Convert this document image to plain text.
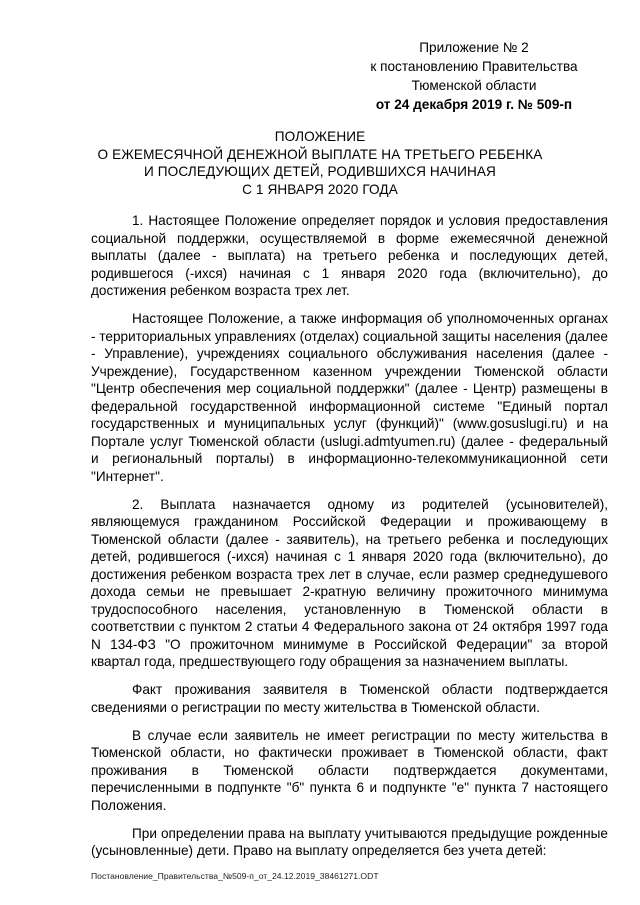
Приложение № 2
к постановлению Правительства
Тюменской области
от 24 декабря 2019 г. № 509-п
ПОЛОЖЕНИЕ
О ЕЖЕМЕСЯЧНОЙ ДЕНЕЖНОЙ ВЫПЛАТЕ НА ТРЕТЬЕГО РЕБЕНКА
И ПОСЛЕДУЮЩИХ ДЕТЕЙ, РОДИВШИХСЯ НАЧИНАЯ
С 1 ЯНВАРЯ 2020 ГОДА

1. Настоящее Положение определяет порядок и условия предоставления социальной поддержки, осуществляемой в форме ежемесячной денежной выплаты (далее - выплата) на третьего ребенка и последующих детей, родившегося (-ихся) начиная с 1 января 2020 года (включительно), до достижения ребенком возраста трех лет.

Настоящее Положение, а также информация об уполномоченных органах - территориальных управлениях (отделах) социальной защиты населения (далее - Управление), учреждениях социального обслуживания населения (далее - Учреждение), Государственном казенном учреждении Тюменской области "Центр обеспечения мер социальной поддержки" (далее - Центр) размещены в федеральной государственной информационной системе "Единый портал государственных и муниципальных услуг (функций)" (www.gosuslugi.ru) и на Портале услуг Тюменской области (uslugi.admtyumen.ru) (далее - федеральный и региональный порталы) в информационно-телекоммуникационной сети "Интернет".

2. Выплата назначается одному из родителей (усыновителей), являющемуся гражданином Российской Федерации и проживающему в Тюменской области (далее - заявитель), на третьего ребенка и последующих детей, родившегося (-ихся) начиная с 1 января 2020 года (включительно), до достижения ребенком возраста трех лет в случае, если размер среднедушевого дохода семьи не превышает 2-кратную величину прожиточного минимума трудоспособного населения, установленную в Тюменской области в соответствии с пунктом 2 статьи 4 Федерального закона от 24 октября 1997 года N 134-ФЗ "О прожиточном минимуме в Российской Федерации" за второй квартал года, предшествующего году обращения за назначением выплаты.

Факт проживания заявителя в Тюменской области подтверждается сведениями о регистрации по месту жительства в Тюменской области.

В случае если заявитель не имеет регистрации по месту жительства в Тюменской области, но фактически проживает в Тюменской области, факт проживания в Тюменской области подтверждается документами, перечисленными в подпункте "б" пункта 6 и подпункте "е" пункта 7 настоящего Положения.

При определении права на выплату учитываются предыдущие рожденные (усыновленные) дети. Право на выплату определяется без учета детей:

Постановление_Правительства_№509-п_от_24.12.2019_38461271.ODT
